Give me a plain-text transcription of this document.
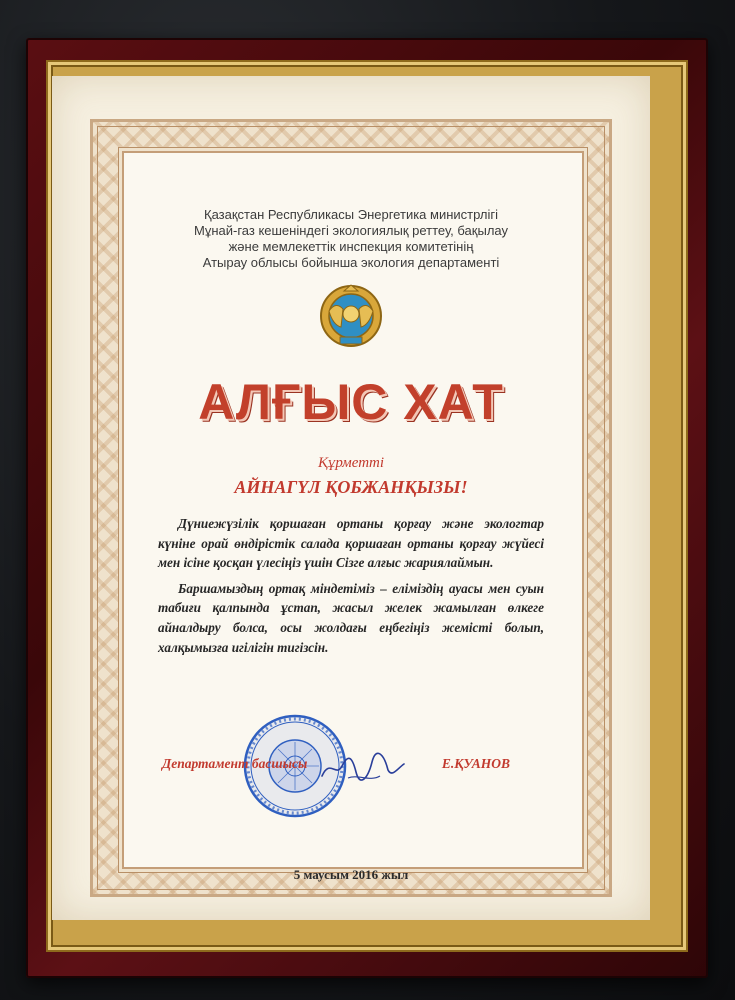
Қазақстан Республикасы Энергетика министрлігі
Мұнай-газ кешеніндегі экологиялық реттеу, бақылау
және мемлекеттік инспекция комитетінің
Атырау облысы бойынша экология департаменті
АЛҒЫС ХАТ
Құрметті
АЙНАГҮЛ ҚОБЖАНҚЫЗЫ!

Дүниежүзілік қоршаған ортаны қорғау және экологтар күніне орай өндірістік салада қоршаған ортаны қорғау жүйесі мен ісіне қосқан үлесіңіз үшін Сізге алғыс жариялаймын.

Баршамыздың ортақ міндетіміз – еліміздің ауасы мен суын табиғи қалпында ұстап, жасыл желек жамылған өлкеге айналдыру болса, осы жолдағы еңбегіңіз жемісті болып, халқымызға игілігін тигізсін.

Департамент басшысы	Е.ҚУАНОВ
5 маусым 2016 жыл
